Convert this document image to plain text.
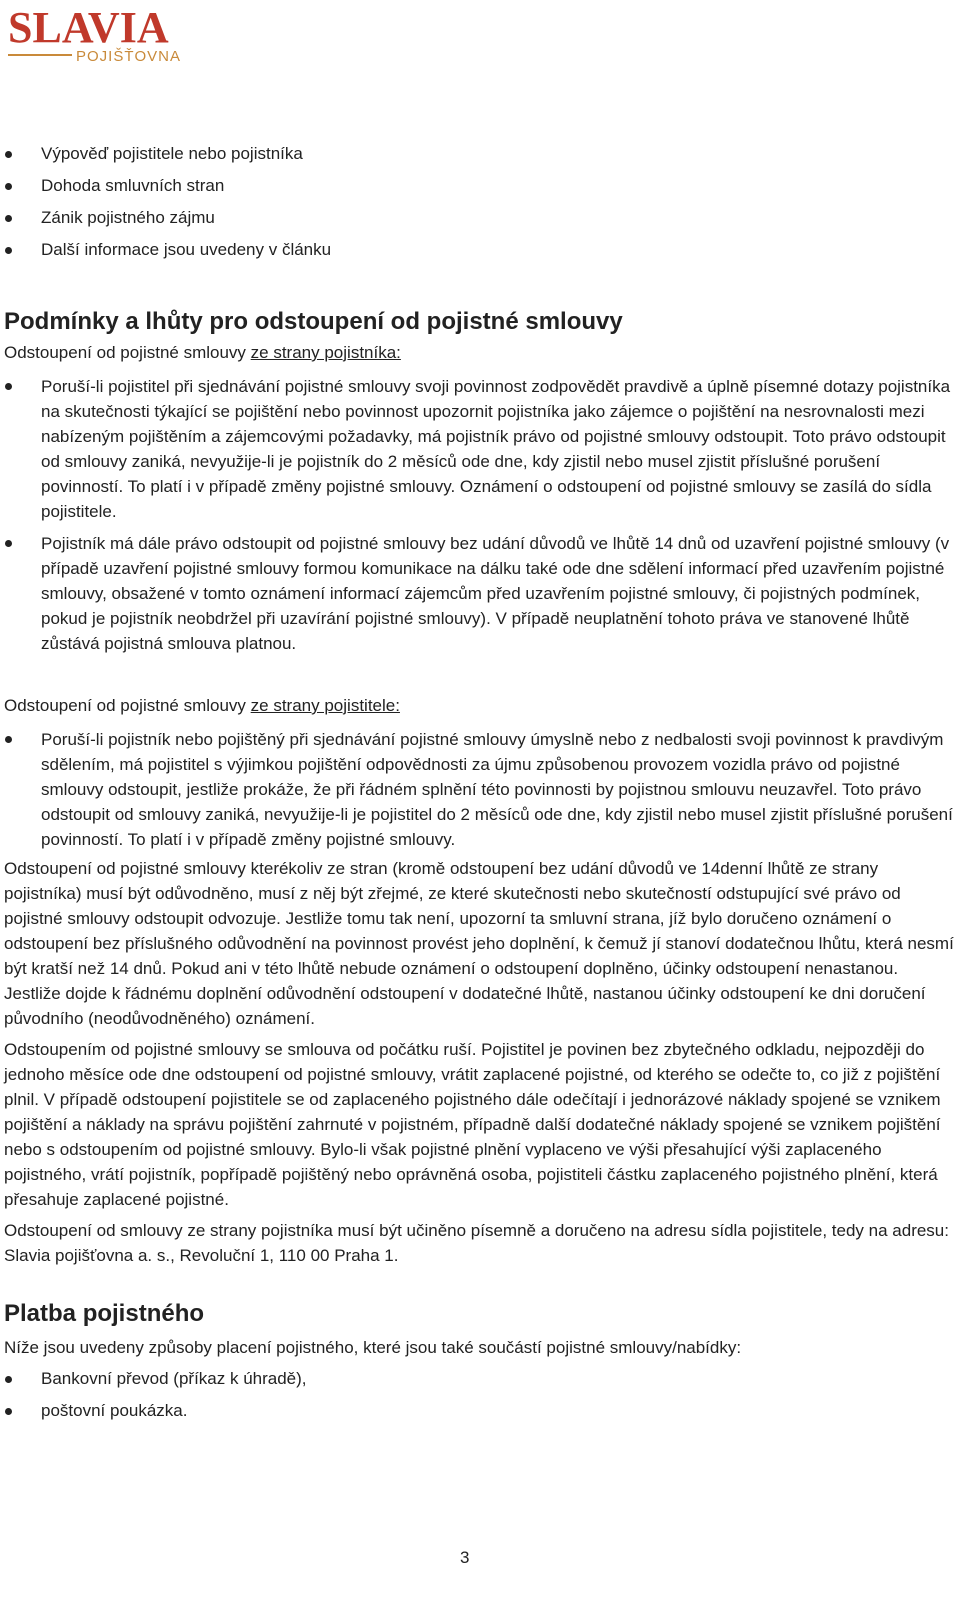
SLAVIA
POJIŠŤOVNA
Výpověď pojistitele nebo pojistníka
Dohoda smluvních stran
Zánik pojistného zájmu
Další informace jsou uvedeny v článku
Podmínky a lhůty pro odstoupení od pojistné smlouvy

Odstoupení od pojistné smlouvy ze strany pojistníka:

Poruší-li pojistitel při sjednávání pojistné smlouvy svoji povinnost zodpovědět pravdivě a úplně písemné dotazy pojistníka na skutečnosti týkající se pojištění nebo povinnost upozornit pojistníka jako zájemce o pojištění na nesrovnalosti mezi nabízeným pojištěním a zájemcovými požadavky, má pojistník právo od pojistné smlouvy odstoupit. Toto právo odstoupit od smlouvy zaniká, nevyužije-li je pojistník do 2 měsíců ode dne, kdy zjistil nebo musel zjistit příslušné porušení povinností. To platí i v případě změny pojistné smlouvy. Oznámení o odstoupení od pojistné smlouvy se zasílá do sídla pojistitele.
Pojistník má dále právo odstoupit od pojistné smlouvy bez udání důvodů ve lhůtě 14 dnů od uzavření pojistné smlouvy (v případě uzavření pojistné smlouvy formou komunikace na dálku také ode dne sdělení informací před uzavřením pojistné smlouvy, obsažené v tomto oznámení informací zájemcům před uzavřením pojistné smlouvy, či pojistných podmínek, pokud je pojistník neobdržel při uzavírání pojistné smlouvy). V případě neuplatnění tohoto práva ve stanovené lhůtě zůstává pojistná smlouva platnou.

Odstoupení od pojistné smlouvy ze strany pojistitele:

Poruší-li pojistník nebo pojištěný při sjednávání pojistné smlouvy úmyslně nebo z nedbalosti svoji povinnost k pravdivým sdělením, má pojistitel s výjimkou pojištění odpovědnosti za újmu způsobenou provozem vozidla právo od pojistné smlouvy odstoupit, jestliže prokáže, že při řádném splnění této povinnosti by pojistnou smlouvu neuzavřel. Toto právo odstoupit od smlouvy zaniká, nevyužije-li je pojistitel do 2 měsíců ode dne, kdy zjistil nebo musel zjistit příslušné porušení povinností. To platí i v případě změny pojistné smlouvy.

Odstoupení od pojistné smlouvy kterékoliv ze stran (kromě odstoupení bez udání důvodů ve 14denní lhůtě ze strany pojistníka) musí být odůvodněno, musí z něj být zřejmé, ze které skutečnosti nebo skutečností odstupující své právo od pojistné smlouvy odstoupit odvozuje. Jestliže tomu tak není, upozorní ta smluvní strana, jíž bylo doručeno oznámení o odstoupení bez příslušného odůvodnění na povinnost provést jeho doplnění, k čemuž jí stanoví dodatečnou lhůtu, která nesmí být kratší než 14 dnů. Pokud ani v této lhůtě nebude oznámení o odstoupení doplněno, účinky odstoupení nenastanou. Jestliže dojde k řádnému doplnění odůvodnění odstoupení v dodatečné lhůtě, nastanou účinky odstoupení ke dni doručení původního (neodůvodněného) oznámení.

Odstoupením od pojistné smlouvy se smlouva od počátku ruší. Pojistitel je povinen bez zbytečného odkladu, nejpozději do jednoho měsíce ode dne odstoupení od pojistné smlouvy, vrátit zaplacené pojistné, od kterého se odečte to, co již z pojištění plnil. V případě odstoupení pojistitele se od zaplaceného pojistného dále odečítají i jednorázové náklady spojené se vznikem pojištění a náklady na správu pojištění zahrnuté v pojistném, případně další dodatečné náklady spojené se vznikem pojištění nebo s odstoupením od pojistné smlouvy. Bylo-li však pojistné plnění vyplaceno ve výši přesahující výši zaplaceného pojistného, vrátí pojistník, popřípadě pojištěný nebo oprávněná osoba, pojistiteli částku zaplaceného pojistného plnění, která přesahuje zaplacené pojistné.

Odstoupení od smlouvy ze strany pojistníka musí být učiněno písemně a doručeno na adresu sídla pojistitele, tedy na adresu: Slavia pojišťovna a. s., Revoluční 1, 110 00 Praha 1.

Platba pojistného

Níže jsou uvedeny způsoby placení pojistného, které jsou také součástí pojistné smlouvy/nabídky:

Bankovní převod (příkaz k úhradě),
poštovní poukázka.
3
